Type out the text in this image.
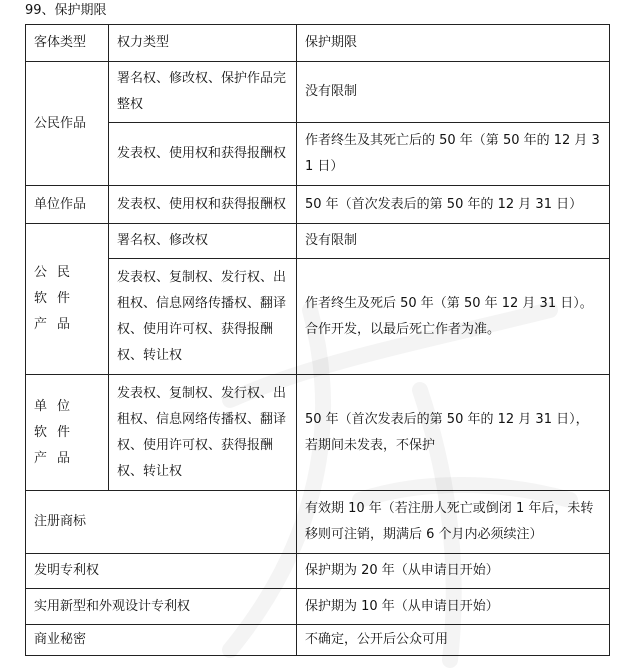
99、保护期限
客体类型	权力类型	保护期限
公民作品	署名权、修改权、保护作品完整权	没有限制
	发表权、使用权和获得报酬权	作者终生及其死亡后的 50 年（第 50 年的 12 月 31 日）
单位作品	发表权、使用权和获得报酬权	50 年（首次发表后的第 50 年的 12 月 31 日）
公民软件产品	署名权、修改权	没有限制
	发表权、复制权、发行权、出租权、信息网络传播权、翻译权、使用许可权、获得报酬权、转让权	作者终生及死后 50 年（第 50 年 12 月 31 日）。合作开发，以最后死亡作者为准。
单位软件产品	发表权、复制权、发行权、出租权、信息网络传播权、翻译权、使用许可权、获得报酬权、转让权	50 年（首次发表后的第 50 年的 12 月 31 日），若期间未发表，不保护
注册商标		有效期 10 年（若注册人死亡或倒闭 1 年后，未转移则可注销，期满后 6 个月内必须续注）
发明专利权		保护期为 20 年（从申请日开始）
实用新型和外观设计专利权		保护期为 10 年（从申请日开始）
商业秘密		不确定，公开后公众可用
